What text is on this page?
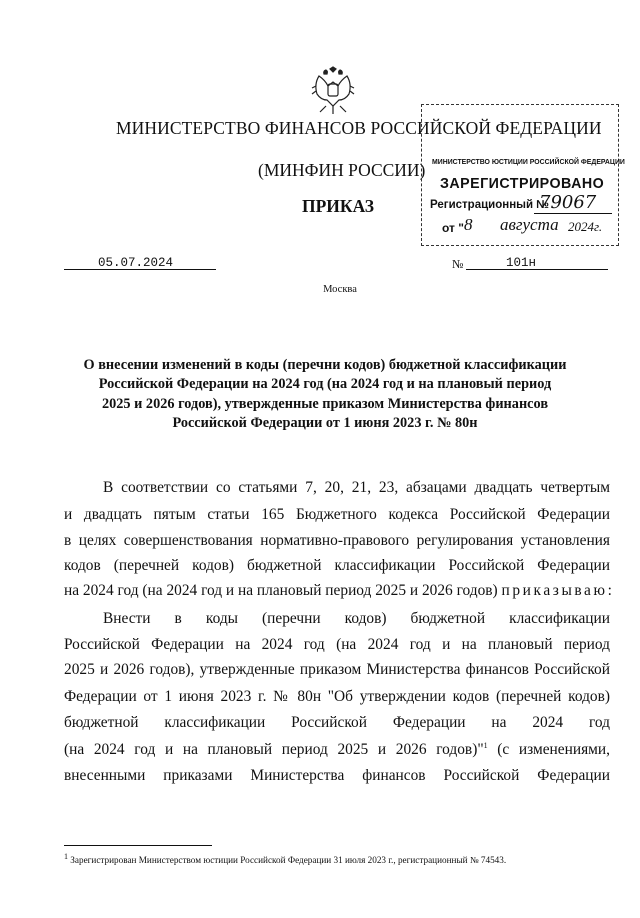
МИНИСТЕРСТВО ФИНАНСОВ РОССИЙСКОЙ ФЕДЕРАЦИИ
(МИНФИН РОССИИ)
ПРИКАЗ
МИНИСТЕРСТВО ЮСТИЦИИ РОССИЙСКОЙ ФЕДЕРАЦИИ
ЗАРЕГИСТРИРОВАНО
Регистрационный №
79067
от " 8 августа 2024г.
05.07.2024	№	101н
Москва
О внесении изменений в коды (перечни кодов) бюджетной классификации
Российской Федерации на 2024 год (на 2024 год и на плановый период
2025 и 2026 годов), утвержденные приказом Министерства финансов
Российской Федерации от 1 июня 2023 г. № 80н
В соответствии со статьями 7, 20, 21, 23, абзацами двадцать четвертым
и двадцать пятым статьи 165 Бюджетного кодекса Российской Федерации
в целях совершенствования нормативно-правового регулирования установления
кодов (перечней кодов) бюджетной классификации Российской Федерации
на 2024 год (на 2024 год и на плановый период 2025 и 2026 годов) приказываю:
Внести в коды (перечни кодов) бюджетной классификации
Российской Федерации на 2024 год (на 2024 год и на плановый период
2025 и 2026 годов), утвержденные приказом Министерства финансов Российской
Федерации от 1 июня 2023 г. № 80н "Об утверждении кодов (перечней кодов)
бюджетной классификации Российской Федерации на 2024 год
(на 2024 год и на плановый период 2025 и 2026 годов)"$^1$ (с изменениями,
внесенными приказами Министерства финансов Российской Федерации
$^1$ Зарегистрирован Министерством юстиции Российской Федерации 31 июля 2023 г., регистрационный № 74543.
